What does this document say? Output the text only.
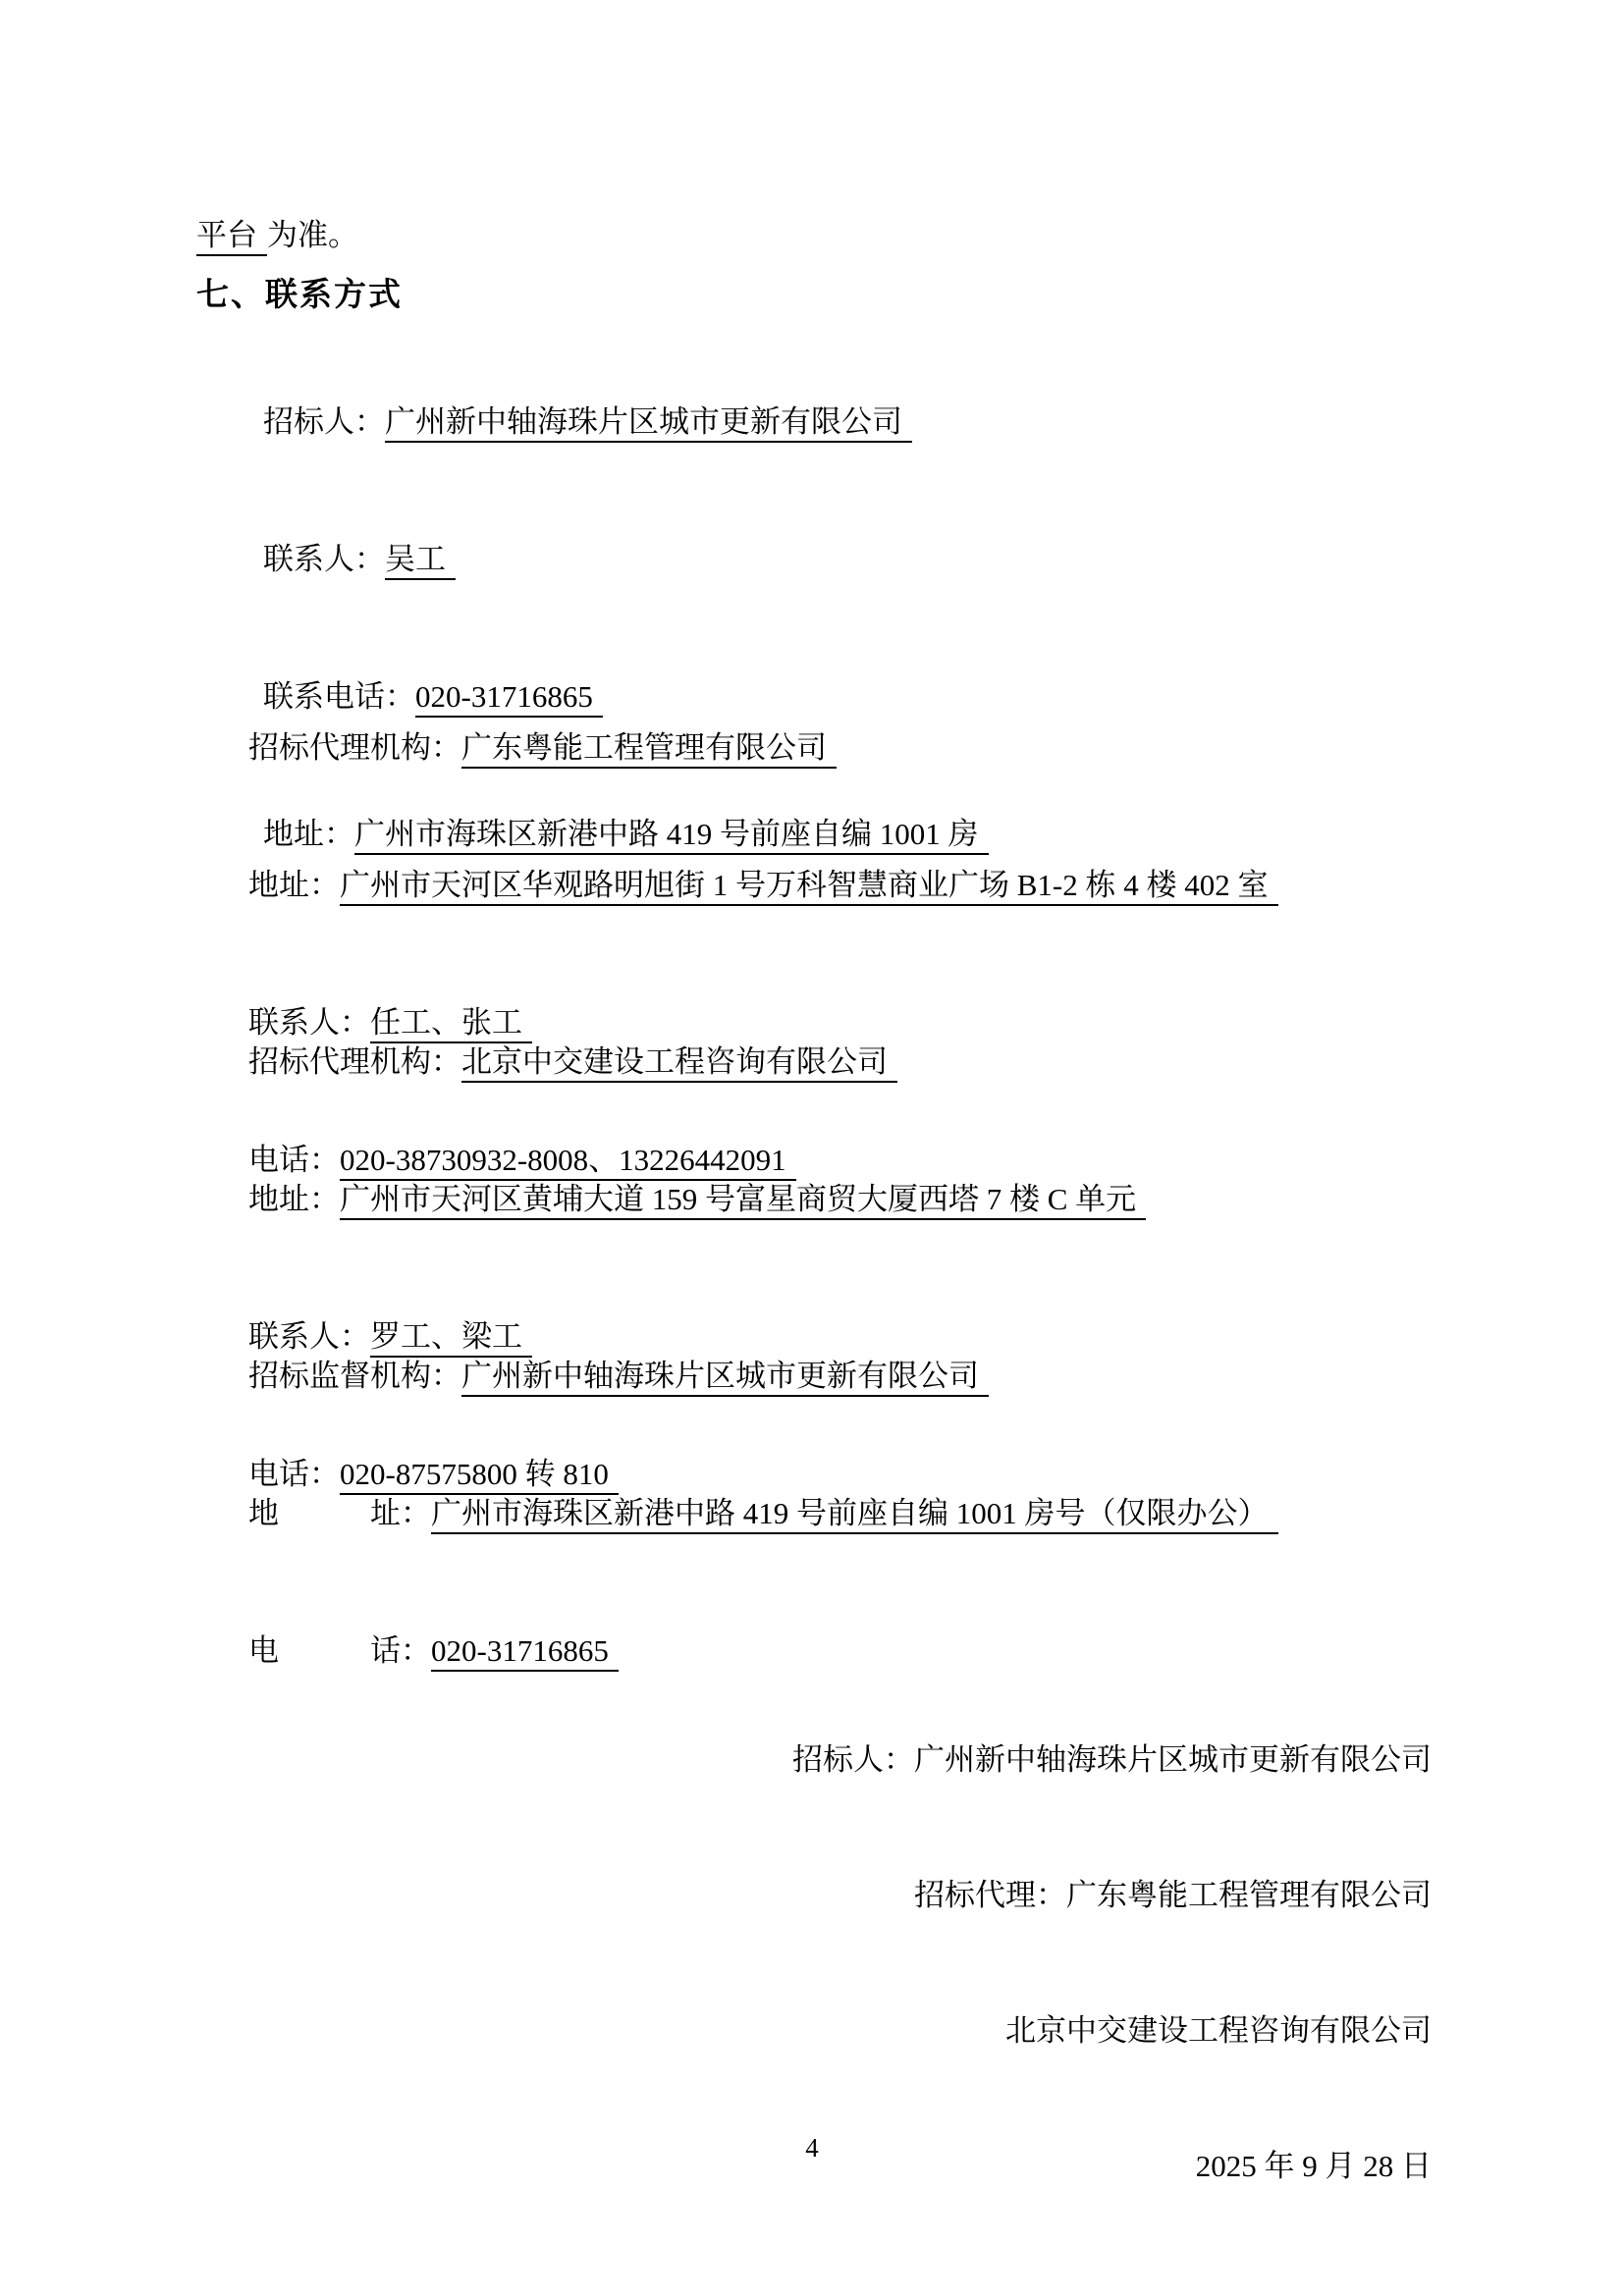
平台 为准。

七、联系方式

招标人：广州新中轴海珠片区城市更新有限公司

联系人：吴工

联系电话：020-31716865

地址：广州市海珠区新港中路 419 号前座自编 1001 房

招标代理机构：广东粤能工程管理有限公司

地址：广州市天河区华观路明旭街 1 号万科智慧商业广场 B1-2 栋 4 楼 402 室

联系人：任工、张工

电话：020-38730932-8008、13226442091

招标代理机构：北京中交建设工程咨询有限公司

地址：广州市天河区黄埔大道 159 号富星商贸大厦西塔 7 楼 C 单元

联系人：罗工、梁工

电话：020-87575800 转 810

招标监督机构：广州新中轴海珠片区城市更新有限公司

地　　　址：广州市海珠区新港中路 419 号前座自编 1001 房号（仅限办公）

电　　　话：020-31716865

招标人：广州新中轴海珠片区城市更新有限公司

招标代理：广东粤能工程管理有限公司

北京中交建设工程咨询有限公司

2025 年 9 月 28 日

4
